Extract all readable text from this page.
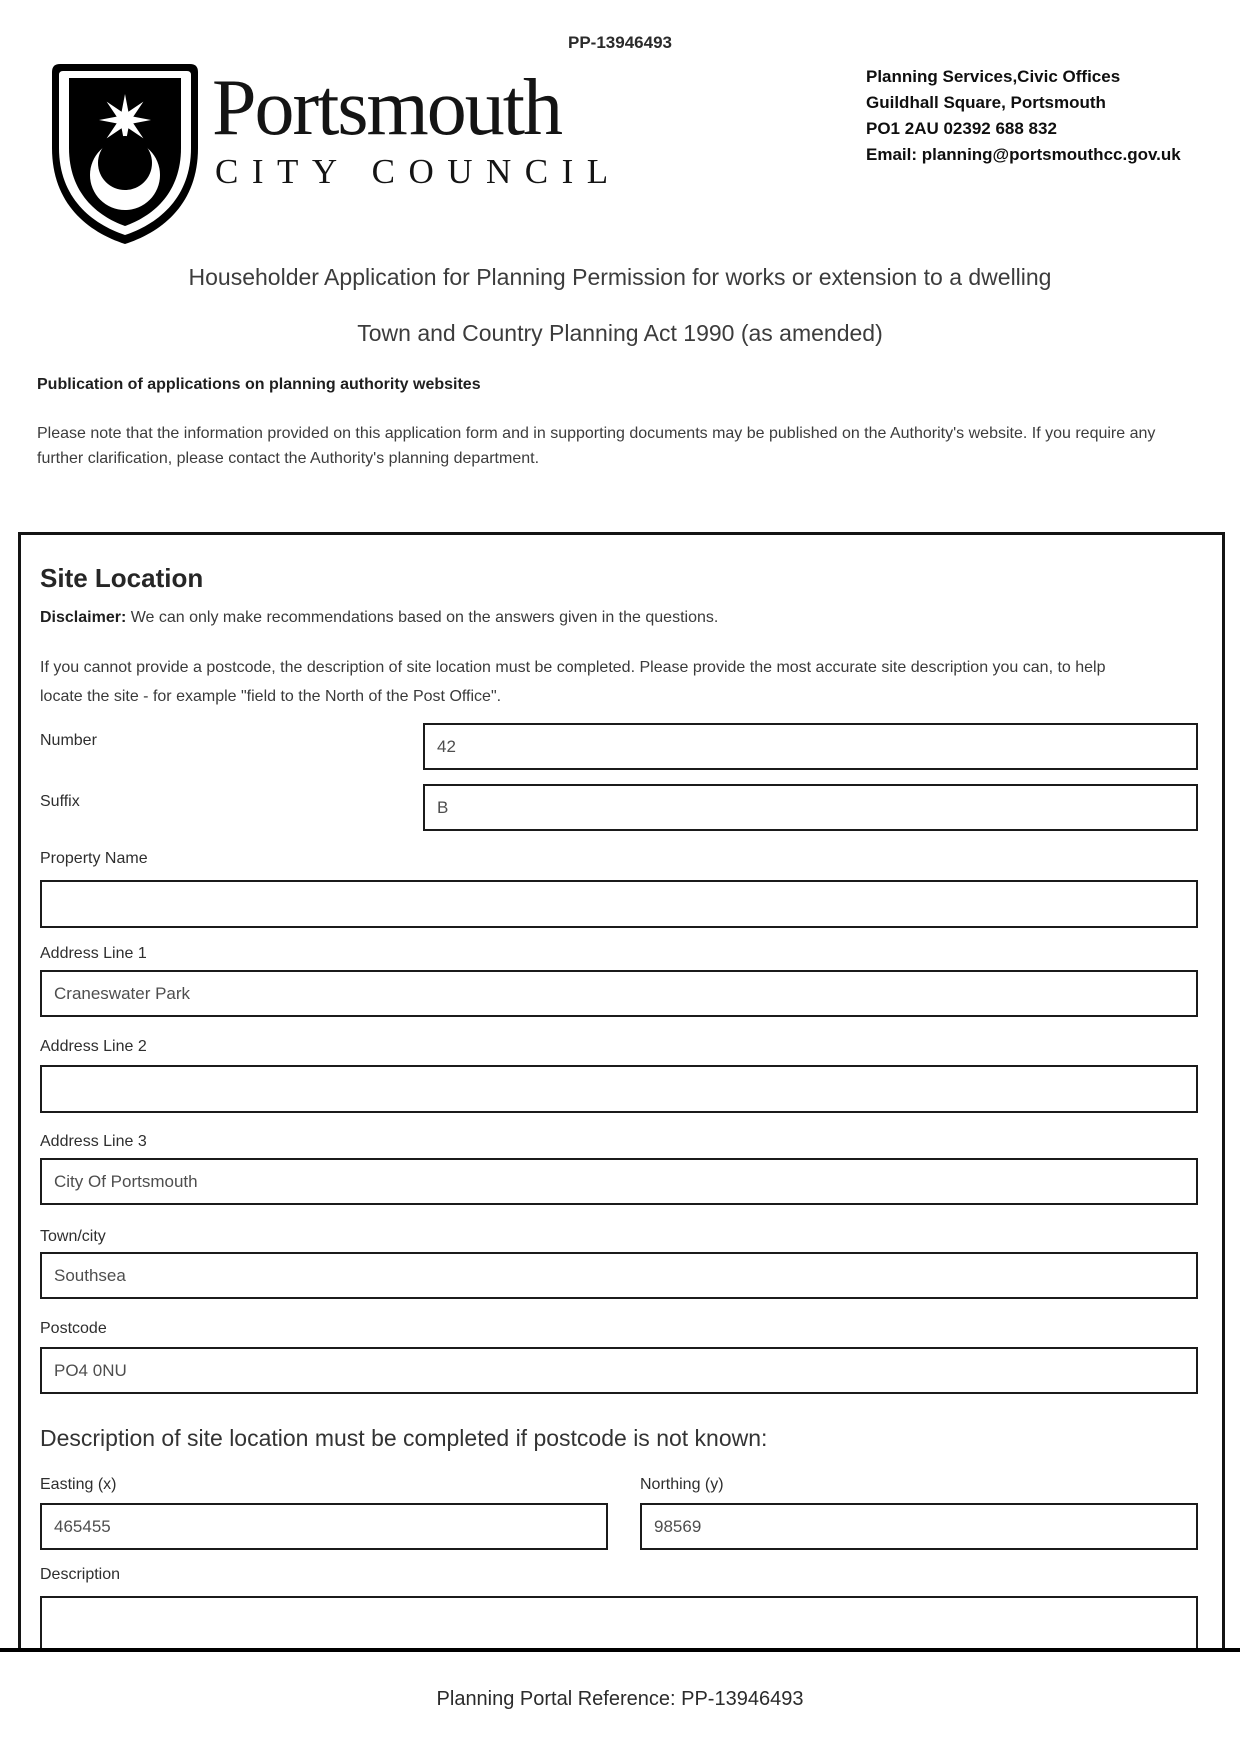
PP-13946493
Portsmouth
CITY COUNCIL
Planning Services,Civic Offices
Guildhall Square, Portsmouth
PO1 2AU 02392 688 832
Email: planning@portsmouthcc.gov.uk
Householder Application for Planning Permission for works or extension to a dwelling
Town and Country Planning Act 1990 (as amended)
Publication of applications on planning authority websites
Please note that the information provided on this application form and in supporting documents may be published on the Authority's website. If you require any further clarification, please contact the Authority's planning department.
Site Location
Disclaimer: We can only make recommendations based on the answers given in the questions.
If you cannot provide a postcode, the description of site location must be completed. Please provide the most accurate site description you can, to help locate the site - for example "field to the North of the Post Office".
Number
42
Suffix
B
Property Name
Address Line 1
Craneswater Park
Address Line 2
Address Line 3
City Of Portsmouth
Town/city
Southsea
Postcode
PO4 0NU
Description of site location must be completed if postcode is not known:
Easting (x)	Northing (y)
465455
98569
Description
Planning Portal Reference: PP-13946493
